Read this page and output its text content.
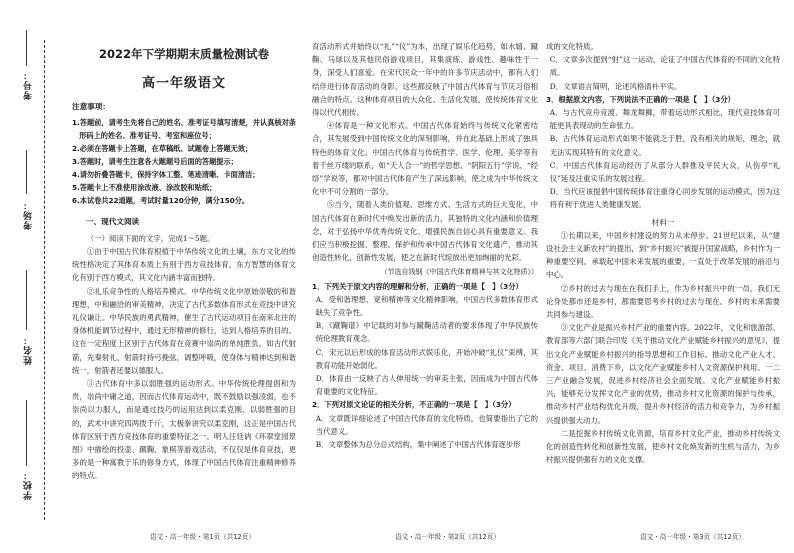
考号：
考场：
姓名：
学校：
2022年下学期期末质量检测试卷
高一年级语文
注意事项：
1.答题前，请考生先将自己的姓名、准考证号填写清楚，并认真核对条形码上的姓名、准考证号、考室和座位号；
2.必须在答题卡上答题，在草稿纸、试题卷上答题无效；
3.答题时，请考生注意各大题题号后面的答题提示；
4.请勿折叠答题卡，保持字体工整、笔迹清晰、卡面清洁；
5.答题卡上不准使用涂改液、涂改胶和贴纸；
6.本试卷共22道题，考试时量120分钟，满分150分。
一、现代文阅读

（一）阅读下面的文字，完成1～5题。

①由于中国古代体育根植于中华传统文化的土壤，东方文化的传统性格决定了其体育本质上有别于西方竞技体育，东方智慧的体育文化有别于西方模式，其文化内涵丰富而独特。

②礼乐竞争性的人格培养模式。中华传统文化中原始崇敬的和谐理想，中和融洽的审美精神，决定了古代多数体育形式在竞技中讲究礼仪谦让。中华民族的勇武精神，催生了古代运动项目在南来北往的身体机能调节过程中，通过无形精神的修行，达到人格培养的目的。这在一定程度上区别于古代体育在竞赛中崇尚的单纯胜负。如古代射箭，先秦射礼，射箭时持弓挽弦，调整呼吸，使身体与精神达到和谐统一，射箭者还要以德服人。

③古代体育中多以弱胜强的运动形式。中华传统伦理提倡和为贵，崇尚中庸之道，因而古代体育运动中，既不鼓励以强凌弱，也不崇尚以力服人，而是通过技巧的运用达到以柔克刚、以弱胜强的目的，武术中讲究四两拨千斤，太极拳讲究以柔克刚，这正是中国古代体育区别于西方竞技体育的重要特征之一。明人汪廷讷《环翠堂园景图》中描绘的投壶、蹴鞠、象棋等游戏活动，不仅仅是体育竞技，更多的是一种寓教于乐的修身方式，体现了中国古代体育注重精神修养的特点。

育活动形式并始终以“礼”“仪”为本，出现了娱乐化趋势，如水嬉、蹴鞠、马球以及其他民俗游戏项目，其集演练、游戏性、趣味性于一身，深受人们喜爱。在宋代民众一年中的许多节庆活动中，都有人们结伴进行体育活动的身影，这些都反映了中国古代体育与节庆习俗相融合的特点。这种体育项目的大众化、生活化发展，使传统体育文化得以代代相传。

④体育是一种文化形式。中国古代体育始终与传统文化紧密结合，其发展受到中国传统文化的深刻影响，并在此基础上形成了独具特色的体育文化。中国古代体育与传统哲学、医学、伦理、美学等有着千丝万缕的联系，如“天人合一”的哲学思想、“阴阳五行”学说、“经络”学说等，都对中国古代体育产生了深远影响，使之成为中华传统文化中不可分割的一部分。

⑤当今，随着人类价值观、思维方式、生活方式的巨大变化，中国古代体育在新时代中焕发出新的活力，其独特的文化内涵和价值理念，对于弘扬中华优秀传统文化、增强民族自信心具有重要意义。我们应当积极挖掘、整理、保护和传承中国古代体育文化遗产，推动其创造性转化、创新性发展，使之在新时代绽放出更加绚丽的光彩。

（节选自钱钢《中国古代体育精神与其文化特质》）

1．下列关于原文内容的理解和分析，正确的一项是【　】（3分）

A．受和谐理想、宽和精神等文化精神影响，中国古代多数体育形式缺失了竞争性。

B．《蹴鞠谱》中记载的对参与蹴鞠活动者的要求体现了中华民族传统伦理教育观念。

C．宋元以后形成的体育活动形式娱乐化，开始冲破“礼仪”束缚，其教育功能开始弱化。

D．体育由一反映了古人伸用统一的审美主张，因而成为中国古代体育重要的文化特征。

2．下列对原文论证的相关分析，不正确的一项是【　】（3分）

A．文章既详细论述了中国古代体育的文化特质，也简要指出了它的当代意义。

B．文章整体为总分总式结构，集中阐述了中国古代体育逐步形

成的文化特质。

C．文章多次提到“射”这一运动，论证了中国古代体育的不同的文化特质。

D．文章语言简明，论述风格清朴平实。

3．根据原文内容，下列说法不正确的一项是【　】（3分）

A．与古代竞舟竞渡、舞龙舞狮，带着运动形式相比，现代竞技体育可能更具表现动的生命张力。

B．古代体育运动形式如果不能就乏于胜，没有相关的规矩，理念，就无法实现其特有的文化意义。

C．中国古代体育运动经历了从部分人群推及平民大众，从伤亭“礼仪”延及注重实乐的发展过程。

D．当代应该提倡中国传统体育注重身心同步发展的运动模式，因为这将有利于优进人类健康发展。

材料一

①长期以来，中国乡村建设的努力从未停步。21世纪以来，从“建设社会主义新农村”的提出，到“乡村振兴”被提升国家战略，乡村作为一种重要空间，承载起中国未来发展的重要，一直处于改革发展的前沿与中心。

②乡村的过去与现在在我们手上，作为乡村振兴中的一员，我们无论身处都市还是乡村，都需要思考乡村的过去与现在。乡村的未来需要共同参与建设。

③文化产业是振兴乡村产业的重要内容。2022年，文化和旅游部、教育部等六部门联合印发《关于推动文化产业赋能乡村振兴的意见》，提出文化产业赋能乡村振兴的指导思想和工作目标。推动文化产业人才、资金、项目、消费下乡，以文化产业赋能乡村人文资源保护利用、一二三产业融合发展，促进乡村经济社会全面发展。文化产业赋能乡村振兴，能够充分发挥文化产业的优势，推动乡村文化资源的保护与传承，推动乡村产业结构优化升级，提升乡村经济的活力和竞争力，为乡村振兴提供强大动力。

二是挖掘乡村传统文化资源，培育乡村文化产业，推动乡村传统文化的创造性转化和创新性发展，使乡村文化焕发新的生机与活力，为乡村振兴提供强有力的文化支撑。

语文・高一年级・第1页（共12页）	语文・高一年级・第2页（共12页）	语文・高一年级・第3页（共12页）
